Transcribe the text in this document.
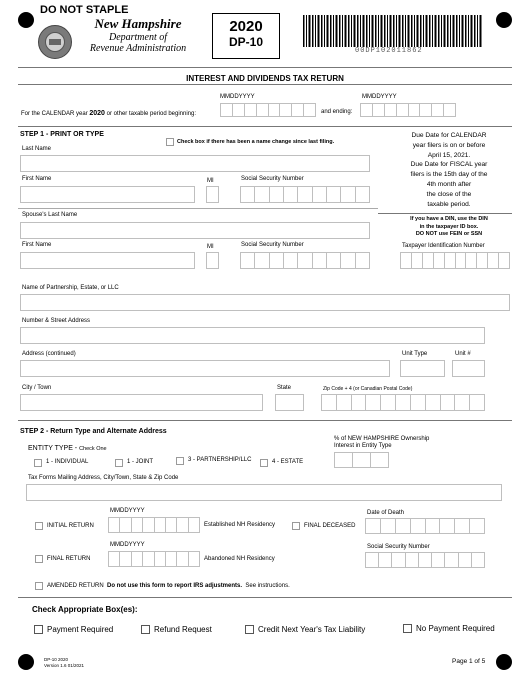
DO NOT STAPLE
New Hampshire
Department of
Revenue Administration
2020
DP-10
00DP102011862
INTEREST AND DIVIDENDS TAX RETURN
MMDDYYYY	MMDDYYYY
For the CALENDAR year 2020 or other taxable period beginning:	and ending:
STEP 1 - PRINT OR TYPE
Check box if there has been a name change since last filing.
Last Name
First Name	MI	Social Security Number
Spouse's Last Name
First Name	MI	Social Security Number
Due Date for CALENDAR
year filers is on or before
April 15, 2021.
Due Date for FISCAL year
filers is the 15th day of the
4th month after
the close of the
taxable period.
If you have a DIN, use the DIN
in the taxpayer ID box.
DO NOT use FEIN or SSN
Taxpayer Identification Number
Name of Partnership, Estate, or LLC
Number & Street Address
Address (continued)	Unit Type	Unit #
City / Town	State	Zip Code + 4 (or Canadian Postal Code)
STEP 2 - Return Type and Alternate Address
ENTITY TYPE - Check One
% of NEW HAMPSHIRE Ownership
Interest in Entity Type
1 - INDIVIDUAL	1 - JOINT	3 - PARTNERSHIP/LLC	4 - ESTATE
Tax Forms Mailing Address, City/Town, State & Zip Code
MMDDYYYY
INITIAL RETURN	Established NH Residency	FINAL DECEASED
Date of Death
MMDDYYYY
FINAL RETURN	Abandoned NH Residency
Social Security Number
AMENDED RETURN Do not use this form to report IRS adjustments. See instructions.
Check Appropriate Box(es):
Payment Required	Refund Request	Credit Next Year's Tax Liability	No Payment Required
DP-10 2020
Version 1.6 01/2021
Page 1 of 5
